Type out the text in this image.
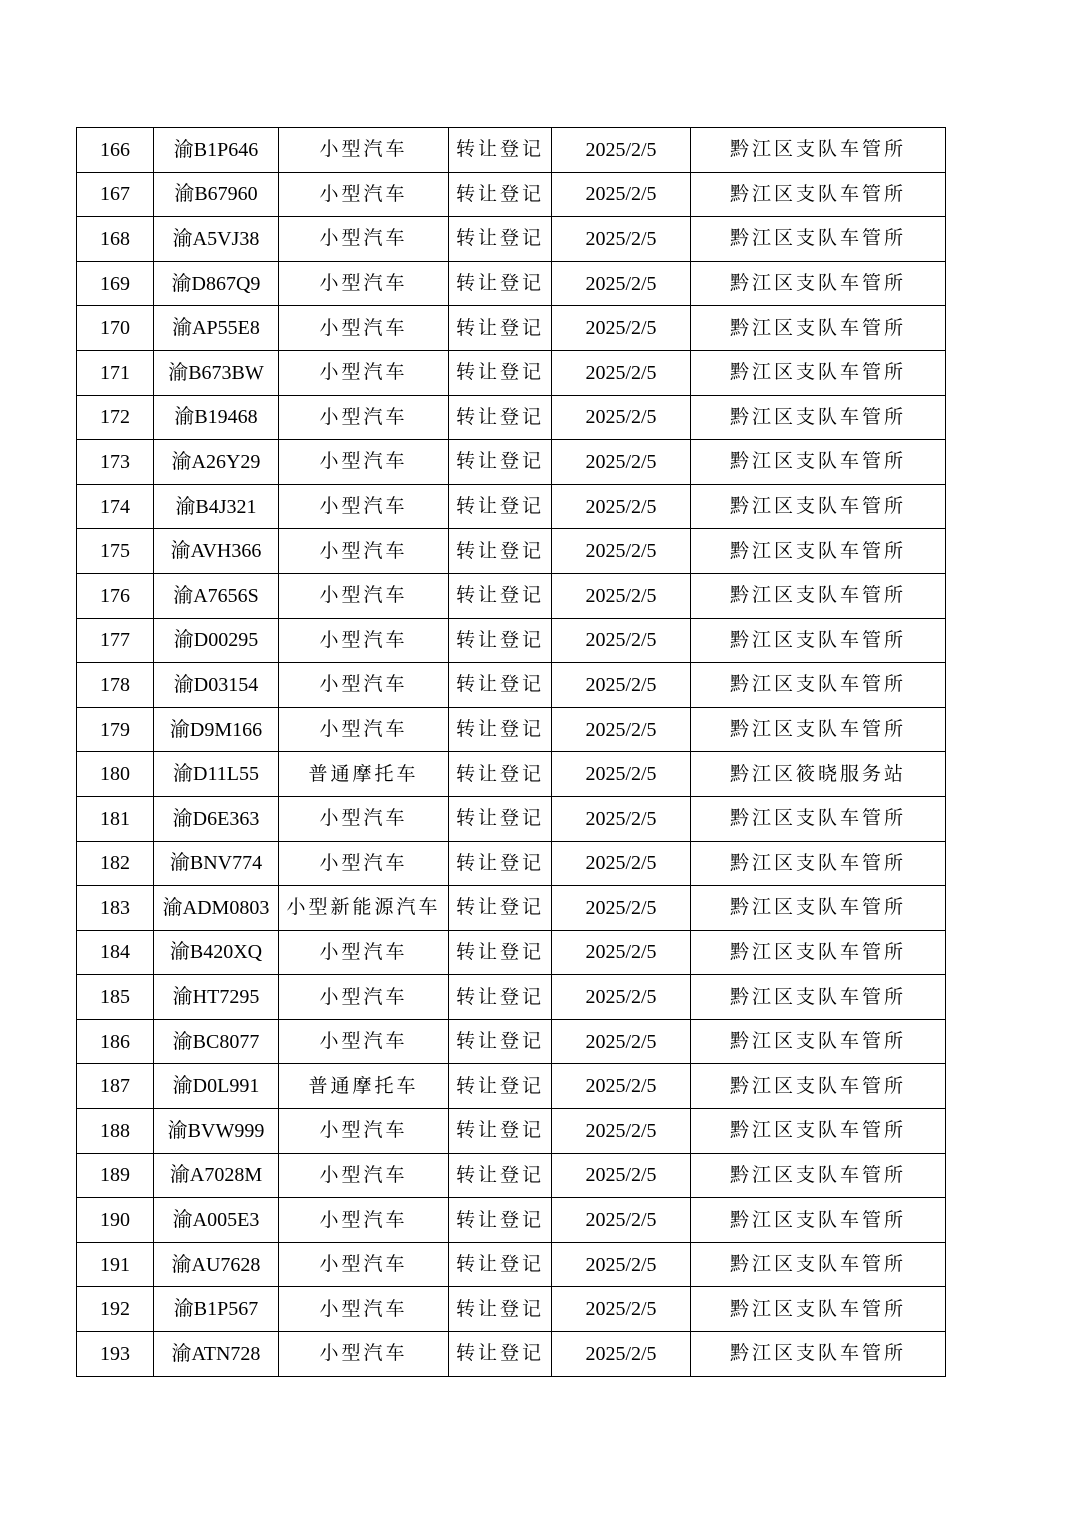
166	渝B1P646	小型汽车	转让登记	2025/2/5	黔江区支队车管所
167	渝B67960	小型汽车	转让登记	2025/2/5	黔江区支队车管所
168	渝A5VJ38	小型汽车	转让登记	2025/2/5	黔江区支队车管所
169	渝D867Q9	小型汽车	转让登记	2025/2/5	黔江区支队车管所
170	渝AP55E8	小型汽车	转让登记	2025/2/5	黔江区支队车管所
171	渝B673BW	小型汽车	转让登记	2025/2/5	黔江区支队车管所
172	渝B19468	小型汽车	转让登记	2025/2/5	黔江区支队车管所
173	渝A26Y29	小型汽车	转让登记	2025/2/5	黔江区支队车管所
174	渝B4J321	小型汽车	转让登记	2025/2/5	黔江区支队车管所
175	渝AVH366	小型汽车	转让登记	2025/2/5	黔江区支队车管所
176	渝A7656S	小型汽车	转让登记	2025/2/5	黔江区支队车管所
177	渝D00295	小型汽车	转让登记	2025/2/5	黔江区支队车管所
178	渝D03154	小型汽车	转让登记	2025/2/5	黔江区支队车管所
179	渝D9M166	小型汽车	转让登记	2025/2/5	黔江区支队车管所
180	渝D11L55	普通摩托车	转让登记	2025/2/5	黔江区筱晓服务站
181	渝D6E363	小型汽车	转让登记	2025/2/5	黔江区支队车管所
182	渝BNV774	小型汽车	转让登记	2025/2/5	黔江区支队车管所
183	渝ADM0803	小型新能源汽车	转让登记	2025/2/5	黔江区支队车管所
184	渝B420XQ	小型汽车	转让登记	2025/2/5	黔江区支队车管所
185	渝HT7295	小型汽车	转让登记	2025/2/5	黔江区支队车管所
186	渝BC8077	小型汽车	转让登记	2025/2/5	黔江区支队车管所
187	渝D0L991	普通摩托车	转让登记	2025/2/5	黔江区支队车管所
188	渝BVW999	小型汽车	转让登记	2025/2/5	黔江区支队车管所
189	渝A7028M	小型汽车	转让登记	2025/2/5	黔江区支队车管所
190	渝A005E3	小型汽车	转让登记	2025/2/5	黔江区支队车管所
191	渝AU7628	小型汽车	转让登记	2025/2/5	黔江区支队车管所
192	渝B1P567	小型汽车	转让登记	2025/2/5	黔江区支队车管所
193	渝ATN728	小型汽车	转让登记	2025/2/5	黔江区支队车管所
